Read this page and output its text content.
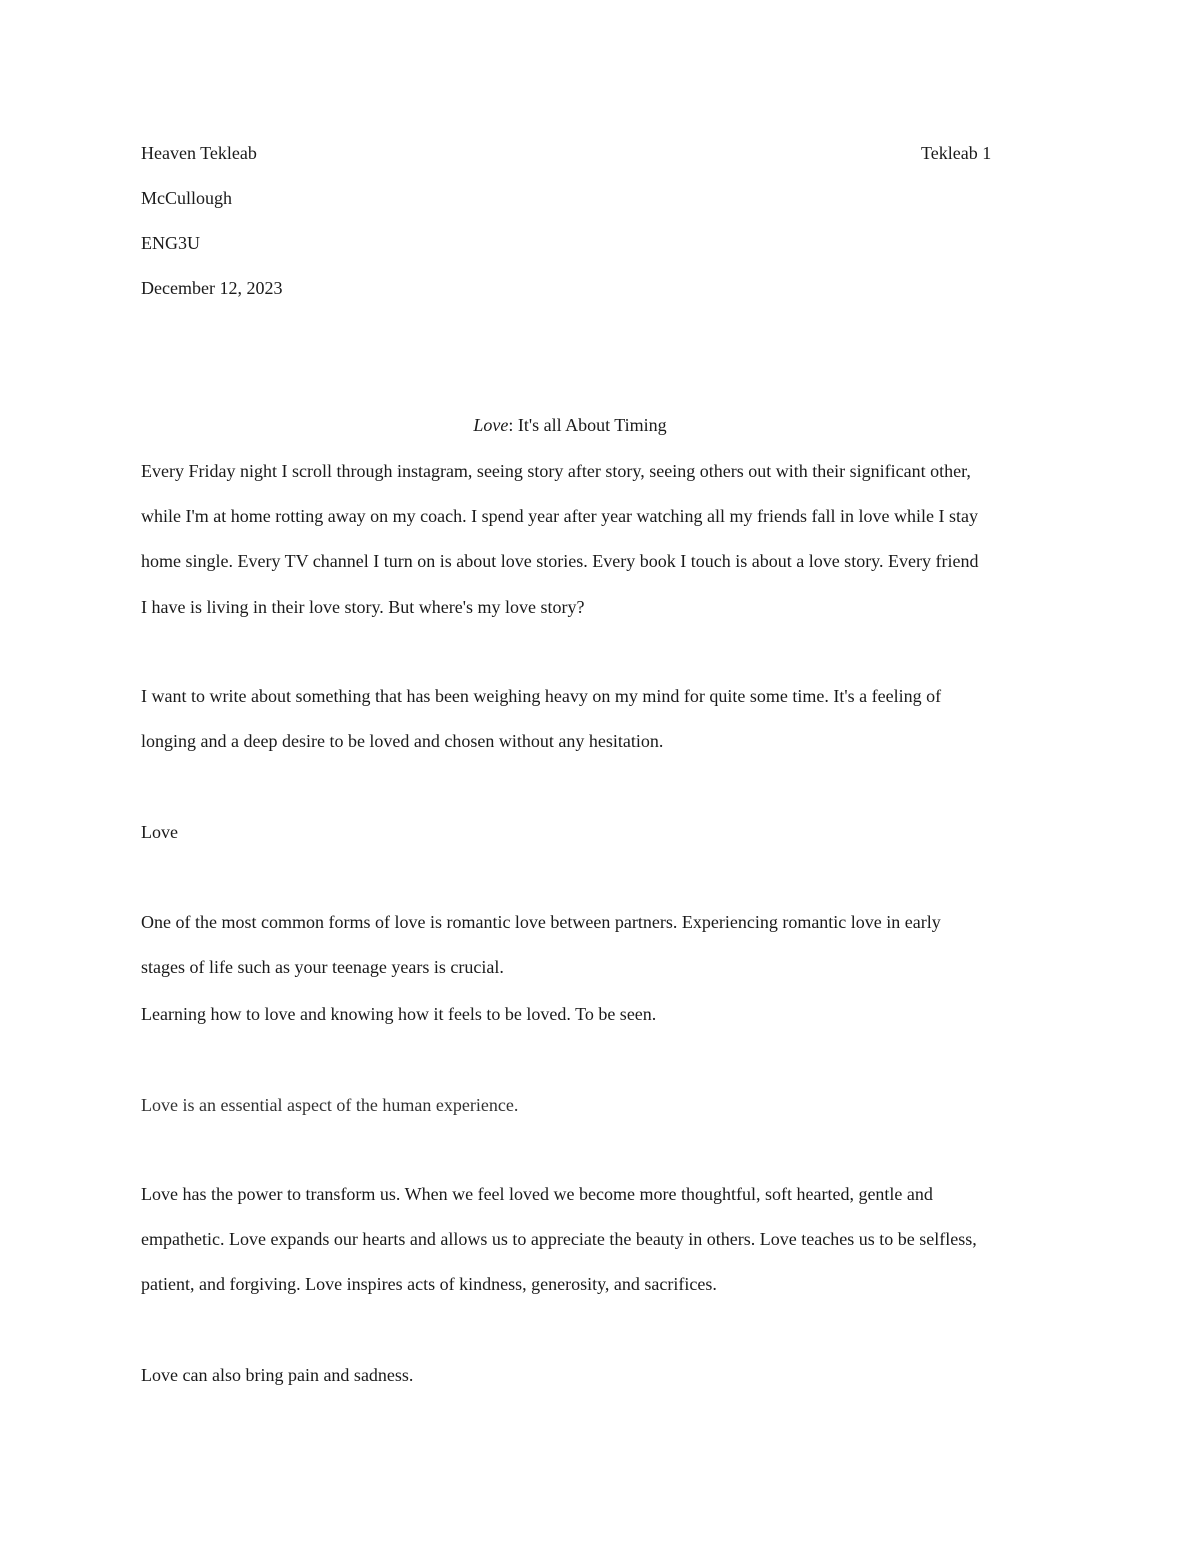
Heaven Tekleab	Tekleab 1
McCullough
ENG3U
December 12, 2023
Love: It's all About Timing
Every Friday night I scroll through instagram, seeing story after story, seeing others out with their significant other,
while I'm at home rotting away on my coach. I spend year after year watching all my friends fall in love while I stay
home single. Every TV channel I turn on is about love stories. Every book I touch is about a love story. Every friend
I have is living in their love story. But where's my love story?
I want to write about something that has been weighing heavy on my mind for quite some time. It's a feeling of
longing and a deep desire to be loved and chosen without any hesitation.
Love
One of the most common forms of love is romantic love between partners. Experiencing romantic love in early
stages of life such as your teenage years is crucial.
Learning how to love and knowing how it feels to be loved. To be seen.
Love is an essential aspect of the human experience.
Love has the power to transform us. When we feel loved we become more thoughtful, soft hearted, gentle and
empathetic. Love expands our hearts and allows us to appreciate the beauty in others. Love teaches us to be selfless,
patient, and forgiving. Love inspires acts of kindness, generosity, and sacrifices.
Love can also bring pain and sadness.
